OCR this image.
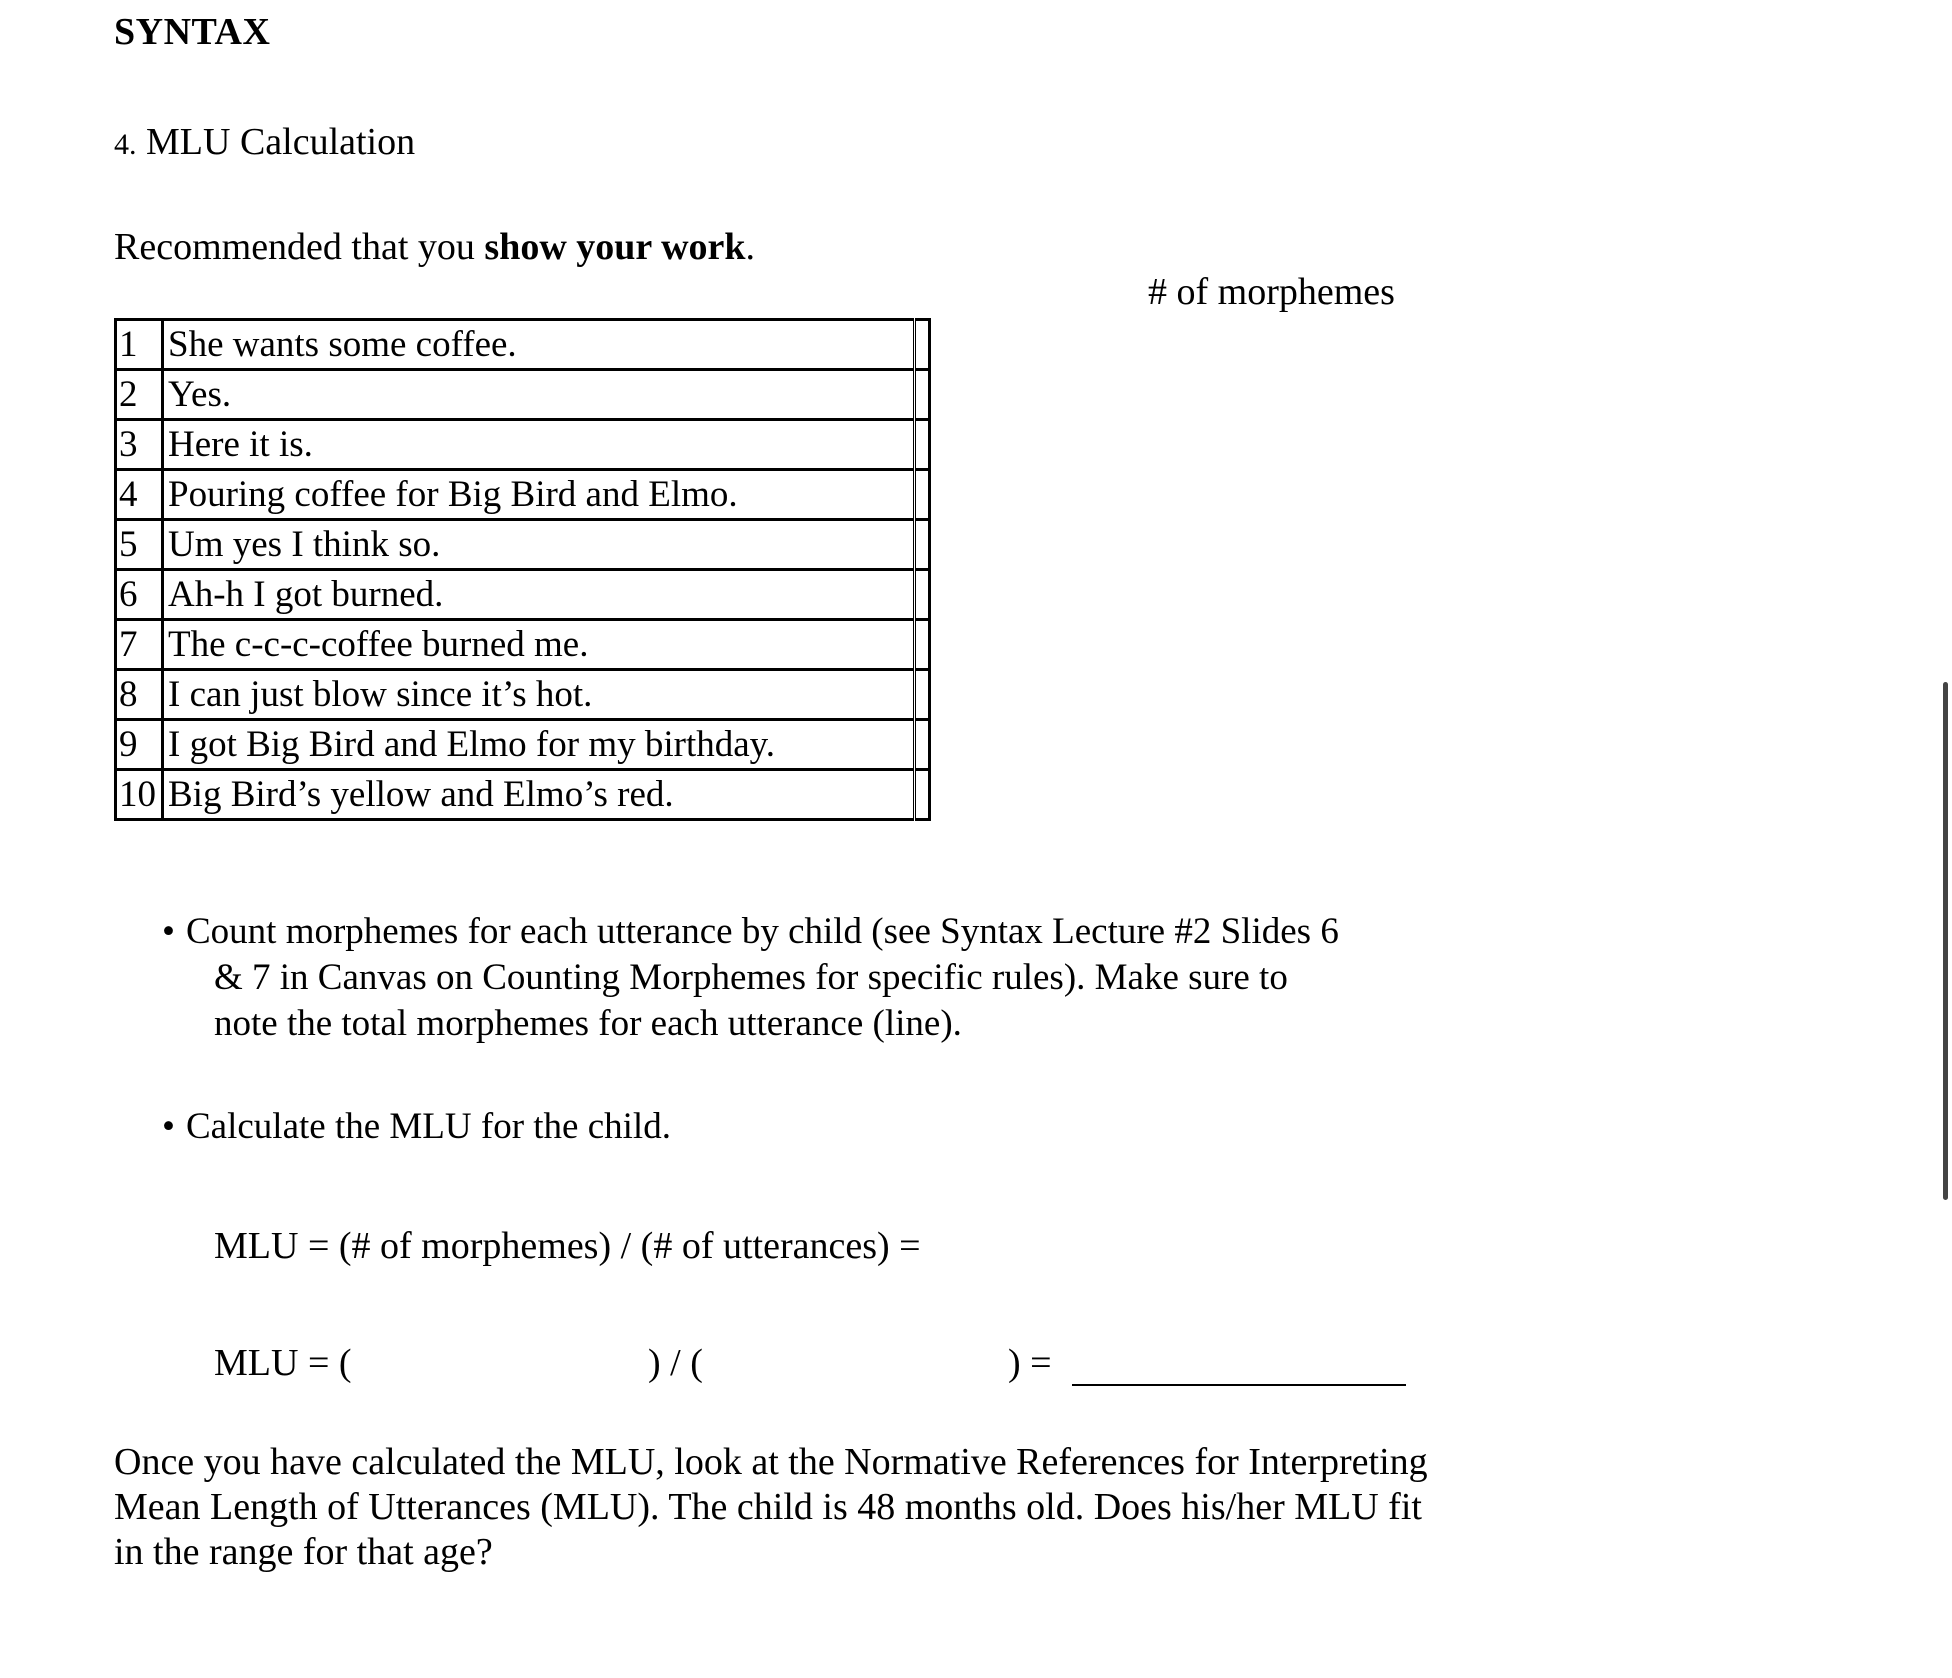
SYNTAX
4. MLU Calculation
Recommended that you show your work.
# of morphemes
1	She wants some coffee.	
2	Yes.	
3	Here it is.	
4	Pouring coffee for Big Bird and Elmo.	
5	Um yes I think so.	
6	Ah-h I got burned.	
7	The c-c-c-coffee burned me.	
8	I can just blow since it’s hot.	
9	I got Big Bird and Elmo for my birthday.	
10	Big Bird’s yellow and Elmo’s red.	
• Count morphemes for each utterance by child (see Syntax Lecture #2 Slides 6
& 7 in Canvas on Counting Morphemes for specific rules). Make sure to
note the total morphemes for each utterance (line).
• Calculate the MLU for the child.
MLU = (# of morphemes) / (# of utterances) =
MLU = (	) / (	) =
Once you have calculated the MLU, look at the Normative References for Interpreting Mean Length of Utterances (MLU). The child is 48 months old. Does his/her MLU fit in the range for that age?
